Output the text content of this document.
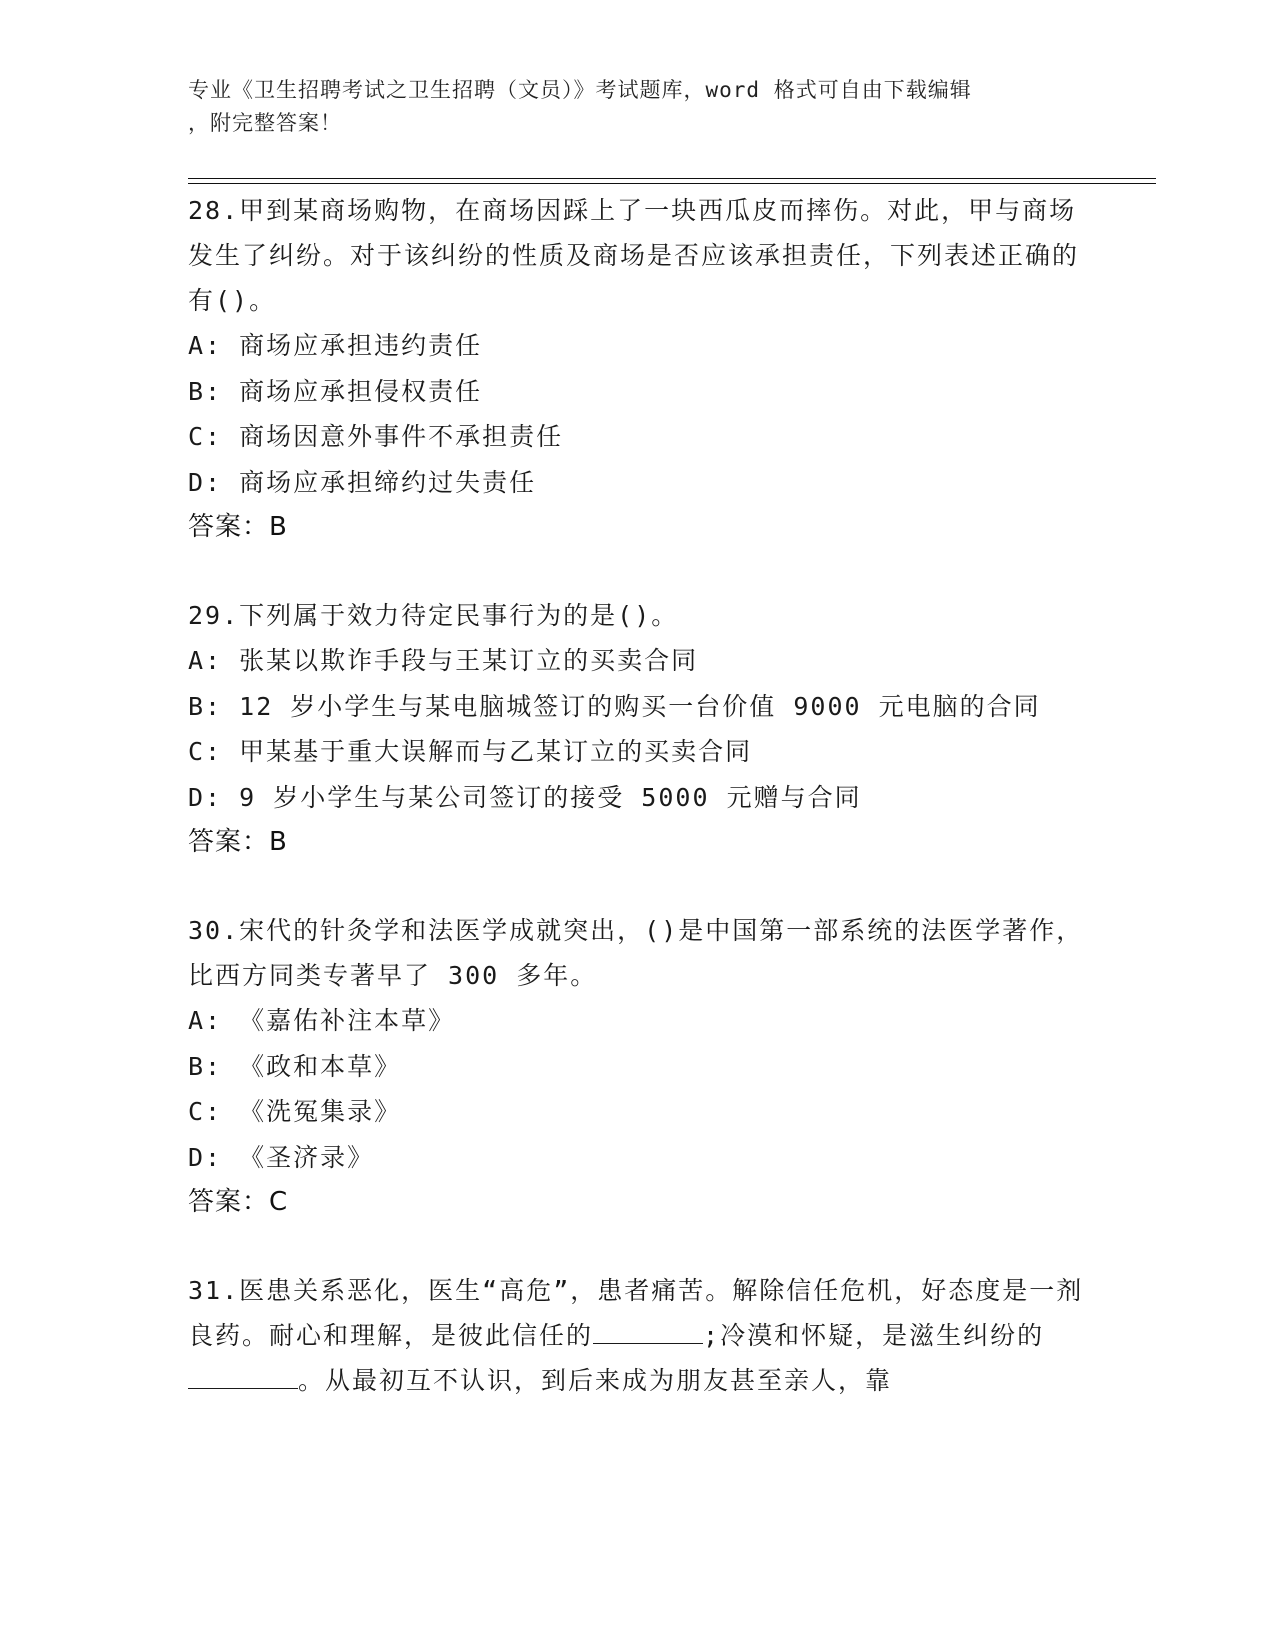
专业《卫生招聘考试之卫生招聘（文员）》考试题库，word 格式可自由下载编辑
，附完整答案！

28.甲到某商场购物，在商场因踩上了一块西瓜皮而摔伤。对此，甲与商场发生了纠纷。对于该纠纷的性质及商场是否应该承担责任，下列表述正确的有()。

A: 商场应承担违约责任

B: 商场应承担侵权责任

C: 商场因意外事件不承担责任

D: 商场应承担缔约过失责任

答案：B

29.下列属于效力待定民事行为的是()。

A: 张某以欺诈手段与王某订立的买卖合同

B: 12 岁小学生与某电脑城签订的购买一台价值 9000 元电脑的合同

C: 甲某基于重大误解而与乙某订立的买卖合同

D: 9 岁小学生与某公司签订的接受 5000 元赠与合同

答案：B

30.宋代的针灸学和法医学成就突出，()是中国第一部系统的法医学著作，比西方同类专著早了 300 多年。

A: 《嘉佑补注本草》

B: 《政和本草》

C: 《洗冤集录》

D: 《圣济录》

答案：C

31.医患关系恶化，医生“高危”，患者痛苦。解除信任危机，好态度是一剂良药。耐心和理解，是彼此信任的	;冷漠和怀疑，是滋生纠纷的。从最初互不认识，到后来成为朋友甚至亲人，靠
